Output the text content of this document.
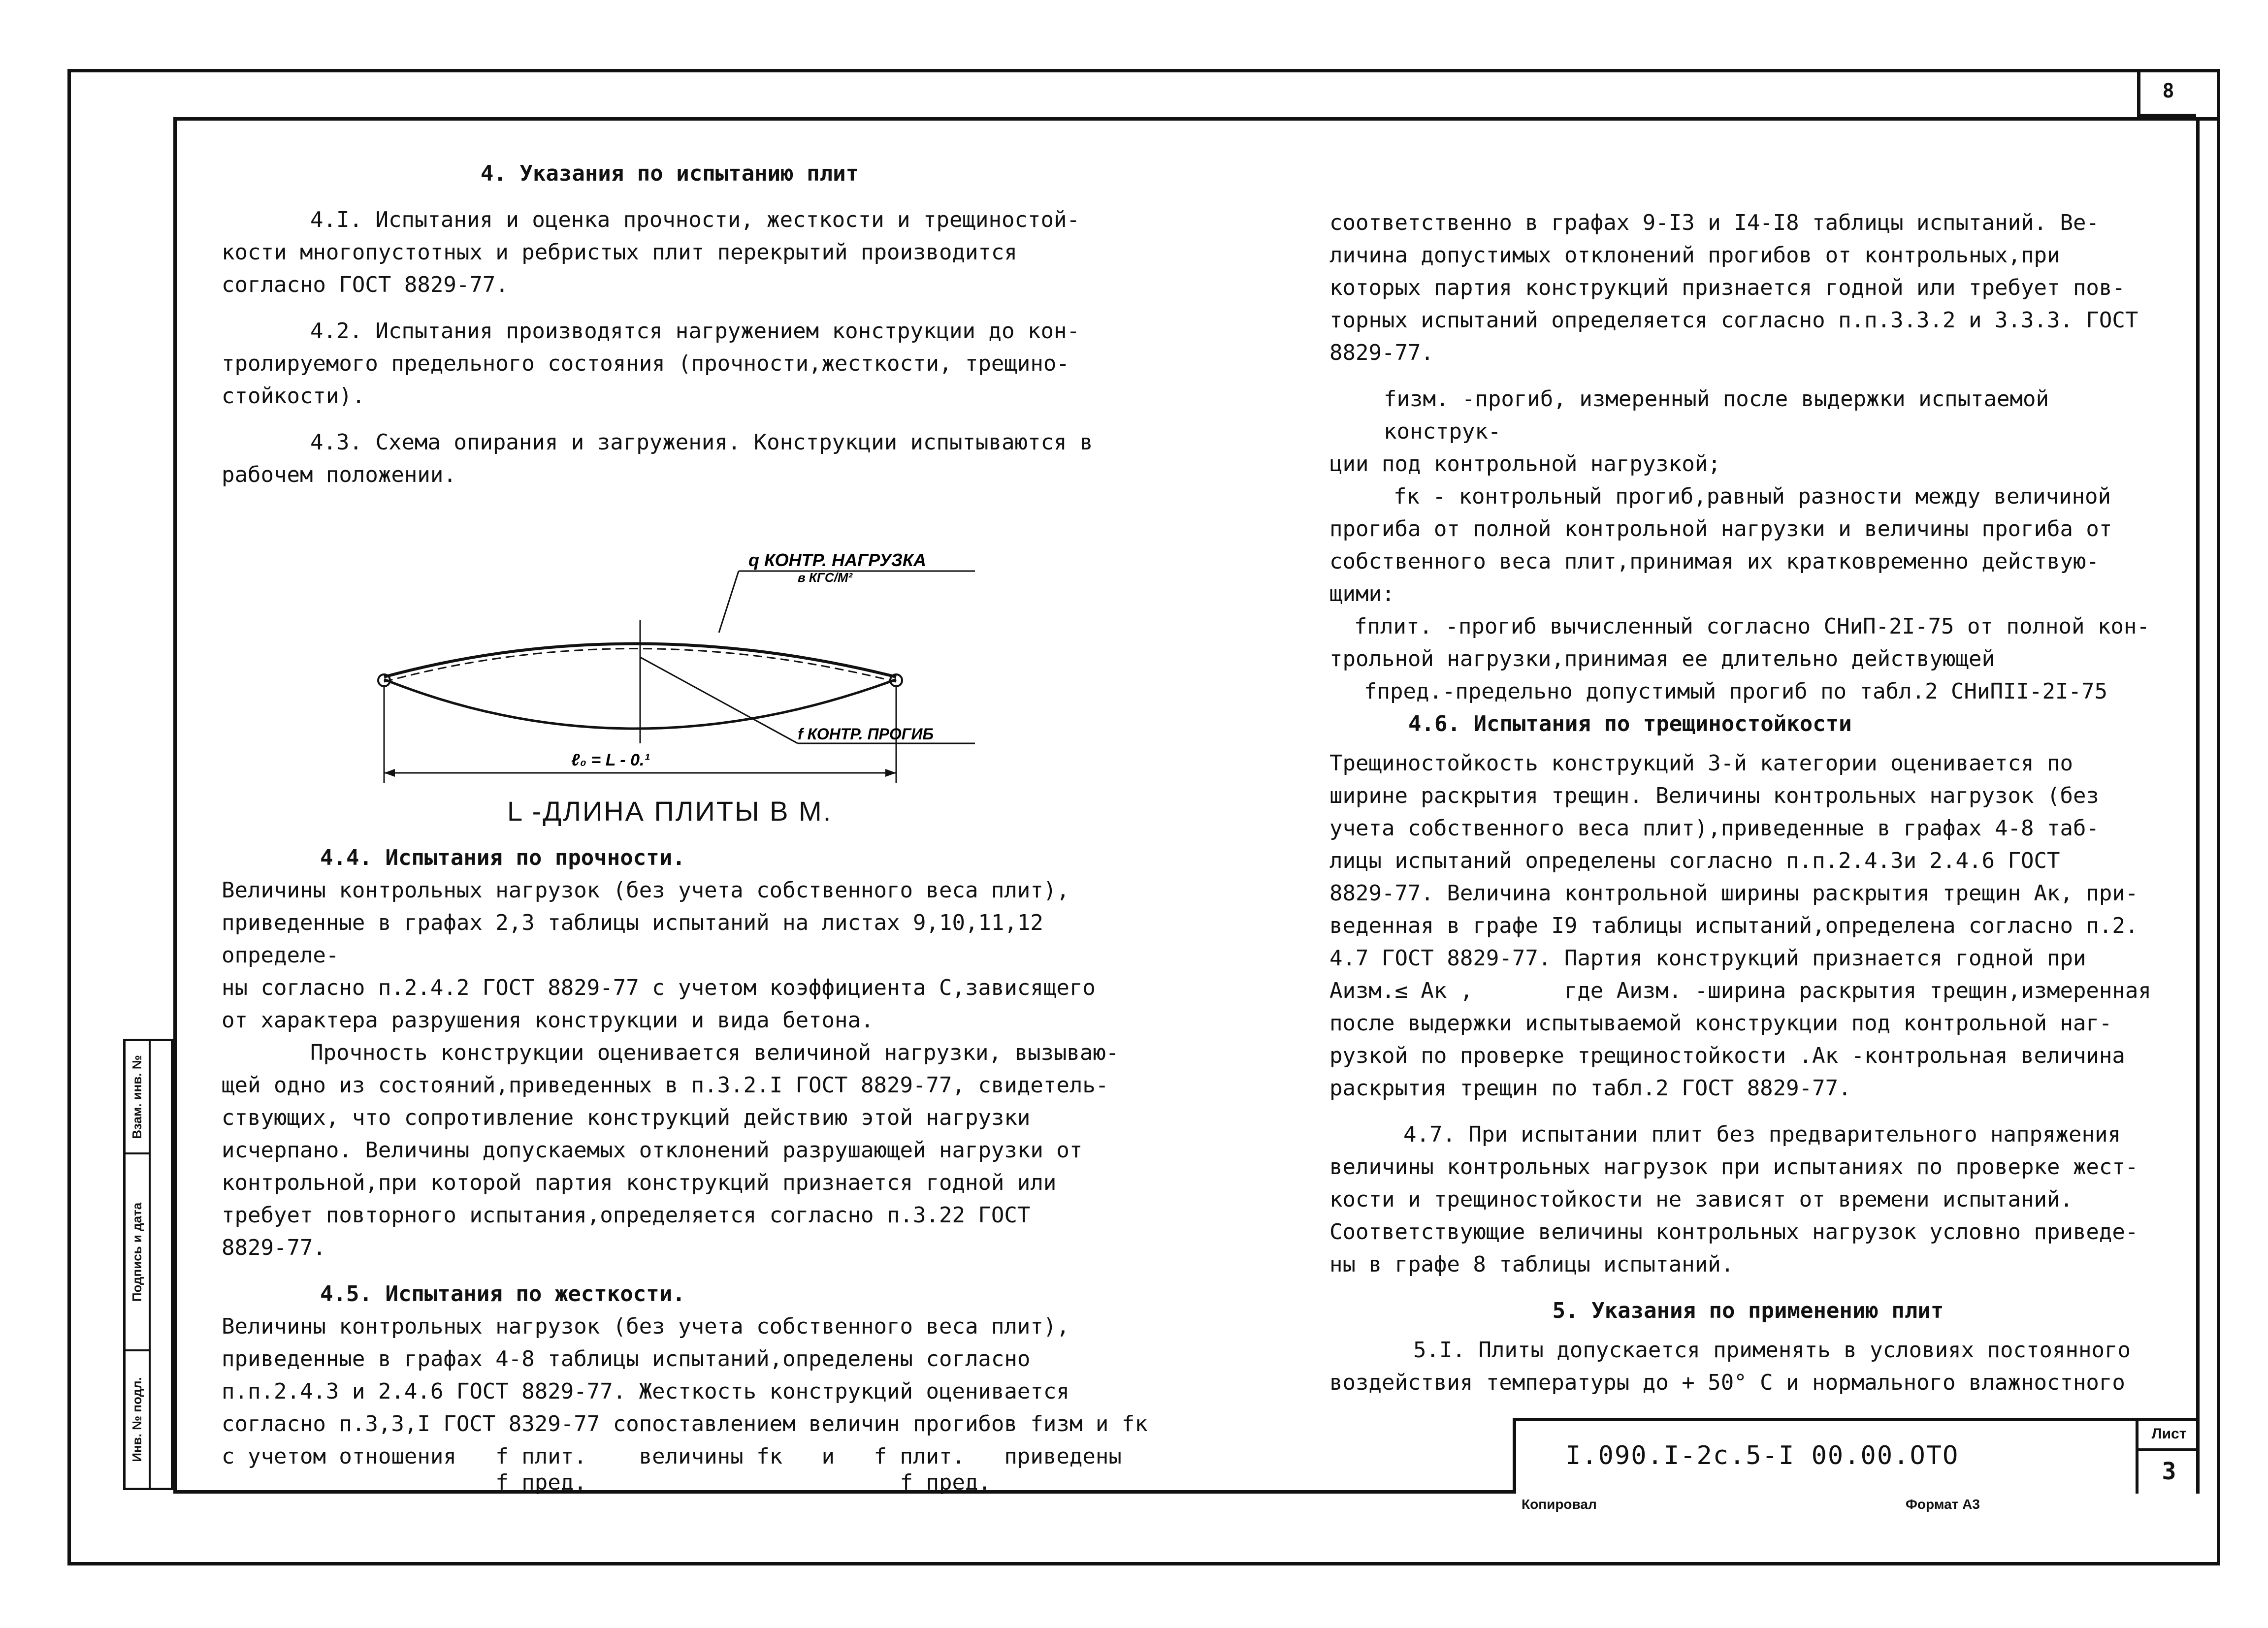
8

4. Указания по испытанию плит

4.I. Испытания и оценка прочности, жесткости и трещиностой-

кости многопустотных и ребристых плит перекрытий производится

согласно ГОСТ 8829-77.

4.2. Испытания производятся нагружением конструкции до кон-

тролируемого предельного состояния (прочности,жесткости, трещино-

стойкости).

4.3. Схема опирания и загружения. Конструкции испытываются в

рабочем положении.

q КОНТР. НАГРУЗКА
в КГС/М²
f КОНТР. ПРОГИБ
ℓ₀ = L - 0.¹
L -ДЛИНА ПЛИТЫ В М.

4.4. Испытания по прочности.

Величины контрольных нагрузок (без учета собственного веса плит),

приведенные в графах 2,3 таблицы испытаний на листах 9,10,11,12 определе-

ны согласно п.2.4.2 ГОСТ 8829-77 с учетом коэффициента С,зависящего

от характера разрушения конструкции и вида бетона.

Прочность конструкции оценивается величиной нагрузки, вызываю-

щей одно из состояний,приведенных в п.3.2.I ГОСТ 8829-77, свидетель-

ствующих, что сопротивление конструкций действию этой нагрузки

исчерпано. Величины допускаемых отклонений разрушающей нагрузки от

контрольной,при которой партия конструкций признается годной или

требует повторного испытания,определяется согласно п.3.22 ГОСТ

8829-77.

4.5. Испытания по жесткости.

Величины контрольных нагрузок (без учета собственного веса плит),

приведенные в графах 4-8 таблицы испытаний,определены согласно

п.п.2.4.3 и 2.4.6 ГОСТ 8829-77. Жесткость конструкций оценивается

согласно п.3,3,I ГОСТ 8329-77 сопоставлением величин прогибов fизм и fк

с учетом отношения   f плит.    величины fк   и   f плит.   приведены

f пред.                        f пред.

соответственно в графах 9-I3 и I4-I8 таблицы испытаний. Ве-

личина допустимых отклонений прогибов от контрольных,при

которых партия конструкций признается годной или требует пов-

торных испытаний определяется согласно п.п.3.3.2 и 3.3.3. ГОСТ

8829-77.

fизм. -прогиб, измеренный после выдержки испытаемой конструк-

ции под контрольной нагрузкой;

fк - контрольный прогиб,равный разности между величиной

прогиба от полной контрольной нагрузки и величины прогиба от

собственного веса плит,принимая их кратковременно действую-

щими:

fплит. -прогиб вычисленный согласно СНиП-2I-75 от полной кон-

трольной нагрузки,принимая ее длительно действующей

fпред.-предельно допустимый прогиб по табл.2 СНиПII-2I-75

4.6. Испытания по трещиностойкости

Трещиностойкость конструкций 3-й категории оценивается по

ширине раскрытия трещин. Величины контрольных нагрузок (без

учета собственного веса плит),приведенные в графах 4-8 таб-

лицы испытаний определены согласно п.п.2.4.3и 2.4.6 ГОСТ

8829-77. Величина контрольной ширины раскрытия трещин Aк, при-

веденная в графе I9 таблицы испытаний,определена согласно п.2.

4.7 ГОСТ 8829-77. Партия конструкций признается годной при

Aизм.≤ Aк ,       где Aизм. -ширина раскрытия трещин,измеренная

после выдержки испытываемой конструкции под контрольной наг-

рузкой по проверке трещиностойкости .Aк -контрольная величина

раскрытия трещин по табл.2 ГОСТ 8829-77.

4.7. При испытании плит без предварительного напряжения

величины контрольных нагрузок при испытаниях по проверке жест-

кости и трещиностойкости не зависят от времени испытаний.

Соответствующие величины контрольных нагрузок условно приведе-

ны в графе 8 таблицы испытаний.

5. Указания по применению плит

5.I. Плиты допускается применять в условиях постоянного

воздействия температуры до + 50° С и нормального влажностного

Взам. инв. №
Подпись и дата
Инв. № подл.	I.090.I-2с.5-I 00.00.ОТО
Лист
3
Копировал	Формат А3
